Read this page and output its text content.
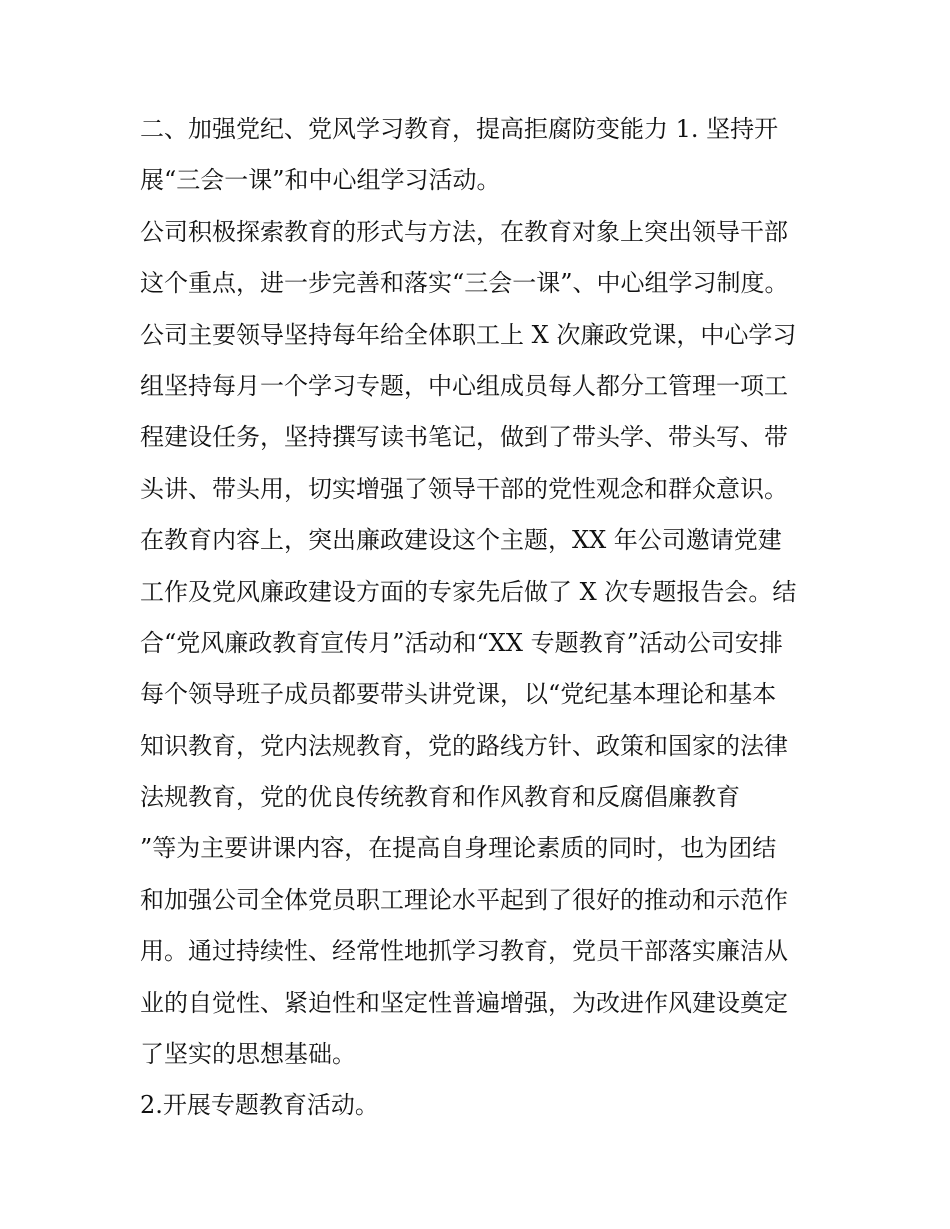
二、加强党纪、党风学习教育，提高拒腐防变能力 1. 坚持开
展“三会一课”和中心组学习活动。
公司积极探索教育的形式与方法，在教育对象上突出领导干部
这个重点，进一步完善和落实“三会一课”、中心组学习制度。
公司主要领导坚持每年给全体职工上 X 次廉政党课，中心学习
组坚持每月一个学习专题，中心组成员每人都分工管理一项工
程建设任务，坚持撰写读书笔记，做到了带头学、带头写、带
头讲、带头用，切实增强了领导干部的党性观念和群众意识。
在教育内容上，突出廉政建设这个主题，XX 年公司邀请党建
工作及党风廉政建设方面的专家先后做了 X 次专题报告会。结
合“党风廉政教育宣传月”活动和“XX 专题教育”活动公司安排
每个领导班子成员都要带头讲党课，以“党纪基本理论和基本
知识教育，党内法规教育，党的路线方针、政策和国家的法律
法规教育，党的优良传统教育和作风教育和反腐倡廉教育
”等为主要讲课内容，在提高自身理论素质的同时，也为团结
和加强公司全体党员职工理论水平起到了很好的推动和示范作
用。通过持续性、经常性地抓学习教育，党员干部落实廉洁从
业的自觉性、紧迫性和坚定性普遍增强，为改进作风建设奠定
了坚实的思想基础。
2.开展专题教育活动。
